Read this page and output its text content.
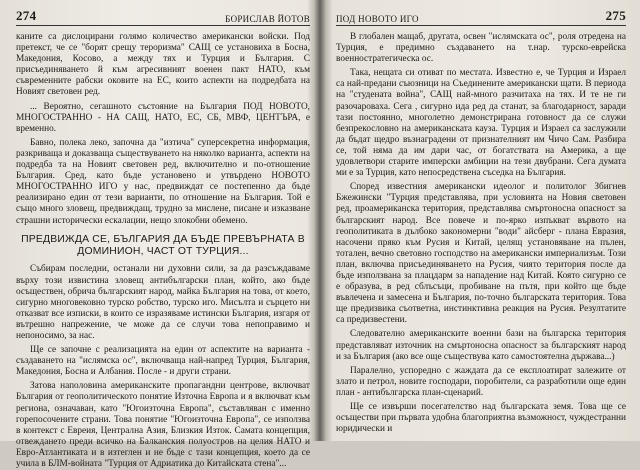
274	БОРИСЛАВ ЙОТОВ

каните са дислоцирани голямо количество американски войски. Под претекст, че се "борят срещу тероризма" САЩ се установиха в Босна, Македония, Косово, а между тях и Турция и България. С присъединяването й към агресивният военен пакт НАТО, към съвременните рабски оковите на ЕС, които аспекти на подредбата на Новият световен ред.

... Вероятно, сегашното състояние на България ПОД НОВОТО, МНОГОСТРАННО - НА САЩ, НАТО, ЕС, СБ, МВФ, ЦЕНТЪРА, е временно.

Бавно, полека леко, започна да "изтича" суперсекретна информация, разкриваща и доказваща съществуването на няколко варианта, аспекти на подредба та на Новият световен ред, включително и по-отношение България. Сред, като бъде установено и утвърдено НОВОТО МНОГОСТРАННО ИГО у нас, предвиждат се постепенно да бъде реализирано един от тези варианти, по отношение на България. Той е също много зловещ, предвиждащ, трудно за мислене, писане и изказване страшни исторически ескалации, нещо злокобни обемено.

ПРЕДВИЖДА СЕ, БЪЛГАРИЯ ДА БЪДЕ ПРЕВЪРНАТА В ДОМИНИОН, ЧАСТ ОТ ТУРЦИЯ...

Събирам последни, останали ни духовни сили, за да разсъждаваме върху този извистина зловещ антибългарски план, който, ако бъде осъществен, обрича българският народ, майка България на това, от което, сигурно многовековно турско робство, турско иго. Мисълта и сърцето ни отказват все изписки, в които се изразяваме истински България, изгаря от вътрешно напрежение, че може да се случи това непоправимо и непоносимо, за нас.

Ще се започне с реализацията на един от аспектите на варианта - създаването на "ислямска ос", включваща най-напред Турция, България, Македония, Босна и Албания. После - и други страни.

Затова наполовина американските пропагандни центрове, включват България от геополитическото понятие Източна Европа и я включват към региона, означаван, като "Югоизточна Европа", съставляван с именно горепосочените страни. Това понятие "Югоизточна Европа", се използва в контекст с Евреия, Централна Азия, Близкия Изток. Самата концепция, отвеждането преди всичко на Балканския полуостров на целия НАТО и Евро-Атлантиката и в изтеглен и не бъде с тази концепция, което да се учила в БЛМ-войната "Турция от Адриатика до Китайската стена"...

ПОД НОВОТО ИГО	275

В глобален мащаб, другата, освен "ислямската ос", роля отредена на Турция, е предимно създаването на т.нар. турско-еврейска военностратегическа ос.

Така, нещата си отиват по местата. Известно е, че Турция и Израел са най-предани съюзници на Съединените американски щати. В периода на "студената война", САЩ най-много разчитаха на тях. И те не ги разочароваха. Сега , сигурно ида ред да станат, за благодарност, заради тази постоянно, многолетно демонстрирана готовност да се служи безпрекословно на американската каузa. Турция и Израел са заслужили да бъдат щедро възнаградени от признателният им Чичо Сам. Разбира се, той няма да им дари час, от богатствата на Америка, а ще удовлетвори старите имперски амбиции на тези двубрани. Сега думата ми е за Турция, като непосредствена съседка на България.

Според известния американски идеолог и политолог Збигнев Бжежински "Турция представлява, при условията на Новия световен ред, проамериканска територия, представлява смъртоносна опасност за българският народ. Все повече и по-ярко изпъкват вървото на геополитиката в дълбоко закономерни "води" айсберг - плана Евразия, насочени пряко към Русия и Китай, целящ установяване на пълен, тотален, вечно световно господство на американски империализъм. Този план, включва присъединяването на Русия, чиято територия после да бъде използвана за плацдарм за нападение над Китай. Която сигурно се е образува, в ред сблъсъци, пробиване на пътя, при който ще бъде въвлечена и замесена и България, по-точно българската територия. Това ще предизвика съответна, инстинктивна реакция на Русия. Резултатите са предизвестени.

Следователно американските военни бази на българска територия представляват източник на смъртоносна опасност за българският народ и за България (ако все още съществува като самостоятелна държава...)

Паралелно, успоредно с жаждата да се експлоатират залежите от злато и петрол, новите господари, поробители, са разработили още един план - антибългарска план-сценарий.

Ще се извърши посегателство над българската земя. Това ще се осъществи при първата удобна благоприятна възможност, чуждестранни юридически и
